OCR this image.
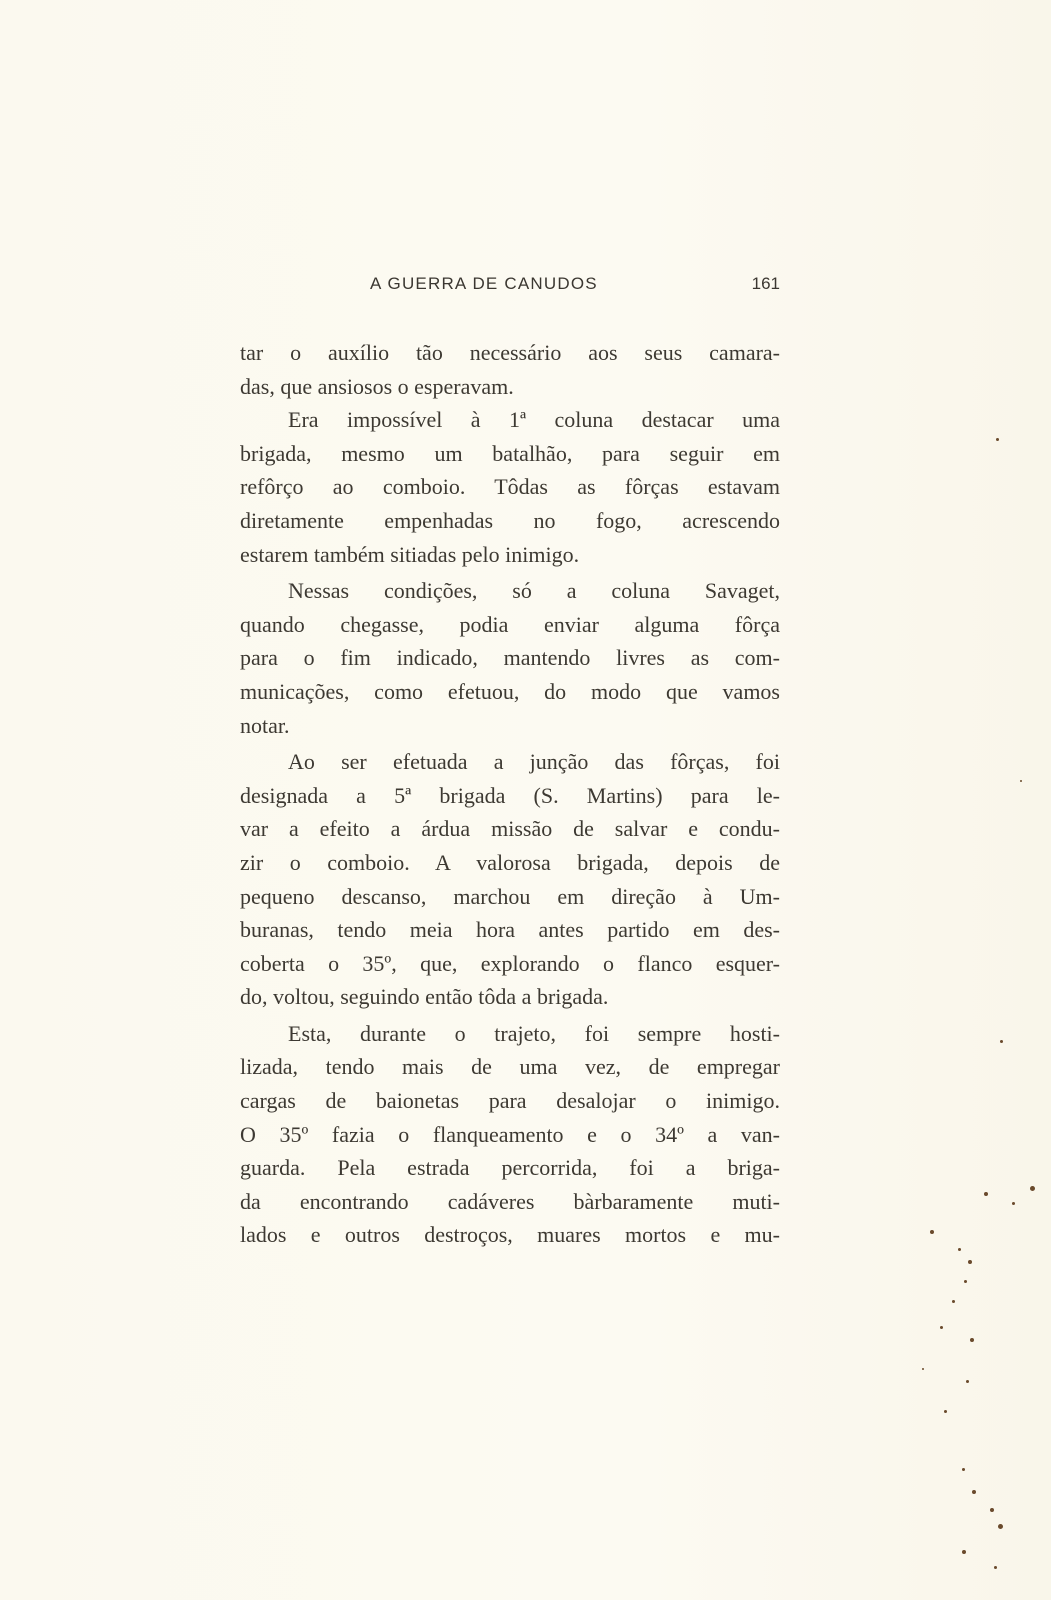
A GUERRA DE CANUDOS	161
tar o auxílio tão necessário aos seus camara-
das, que ansiosos o esperavam.
Era impossível à 1ª coluna destacar uma
brigada, mesmo um batalhão, para seguir em
refôrço ao comboio. Tôdas as fôrças estavam
diretamente empenhadas no fogo, acrescendo
estarem também sitiadas pelo inimigo.
Nessas condições, só a coluna Savaget,
quando chegasse, podia enviar alguma fôrça
para o fim indicado, mantendo livres as com-
municações, como efetuou, do modo que vamos
notar.
Ao ser efetuada a junção das fôrças, foi
designada a 5ª brigada (S. Martins) para le-
var a efeito a árdua missão de salvar e condu-
zir o comboio. A valorosa brigada, depois de
pequeno descanso, marchou em direção à Um-
buranas, tendo meia hora antes partido em des-
coberta o 35º, que, explorando o flanco esquer-
do, voltou, seguindo então tôda a brigada.
Esta, durante o trajeto, foi sempre hosti-
lizada, tendo mais de uma vez, de empregar
cargas de baionetas para desalojar o inimigo.
O 35º fazia o flanqueamento e o 34º a van-
guarda. Pela estrada percorrida, foi a briga-
da encontrando cadáveres bàrbaramente muti-
lados e outros destroços, muares mortos e mu-
